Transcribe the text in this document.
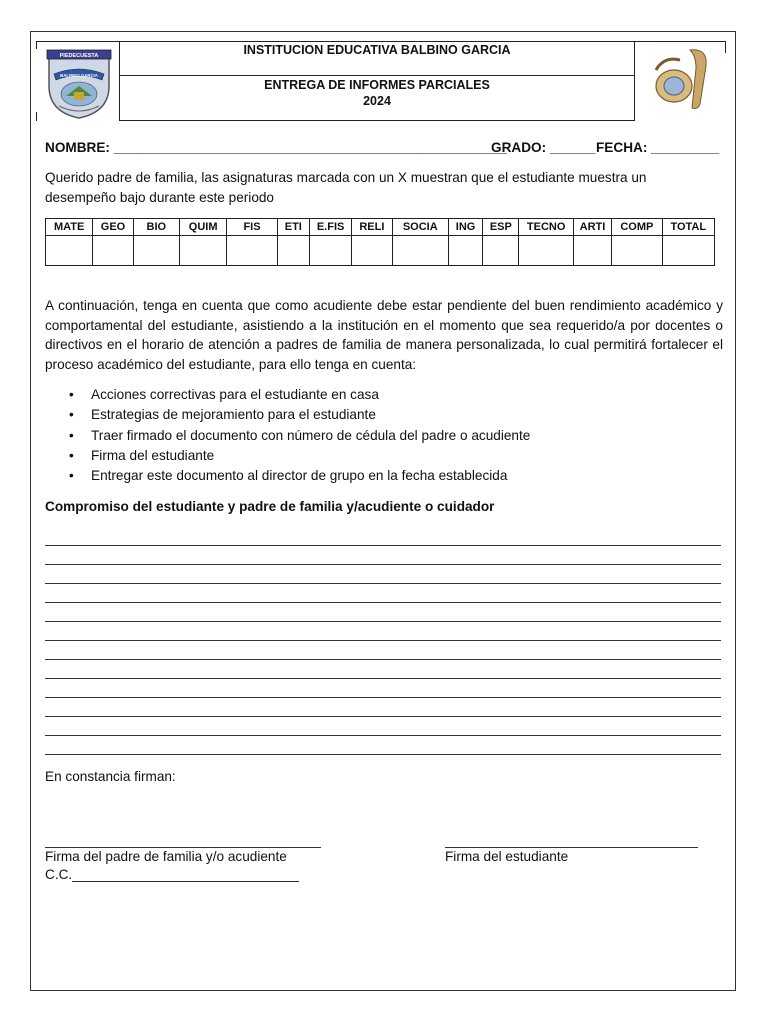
INSTITUCION EDUCATIVA BALBINO GARCIA
ENTREGA DE INFORMES PARCIALES
2024
PIEDECUESTA
BALBINO GARCIA
NOMBRE: ____________________________________________________
GRADO: ______ FECHA: _________
Querido padre de familia, las asignaturas marcada con un X muestran que el estudiante muestra un desempeño bajo durante este periodo
MATE	GEO	BIO	QUIM	FIS	ETI	E.FIS	RELI	SOCIA	ING	ESP	TECNO	ARTI	COMP	TOTAL

A continuación, tenga en cuenta que como acudiente debe estar pendiente del buen rendimiento académico y comportamental del estudiante, asistiendo a la institución en el momento que sea requerido/a por docentes o directivos en el horario de atención a padres de familia de manera personalizada, lo cual permitirá fortalecer el proceso académico del estudiante, para ello tenga en cuenta:
• Acciones correctivas para el estudiante en casa
• Estrategias de mejoramiento para el estudiante
• Traer firmado el documento con número de cédula del padre o acudiente
• Firma del estudiante
• Entregar este documento al director de grupo en la fecha establecida
Compromiso del estudiante y padre de familia y/acudiente o cuidador
En constancia firman:
Firma del padre de familia y/o acudiente	Firma del estudiante
C.C.______________________________
